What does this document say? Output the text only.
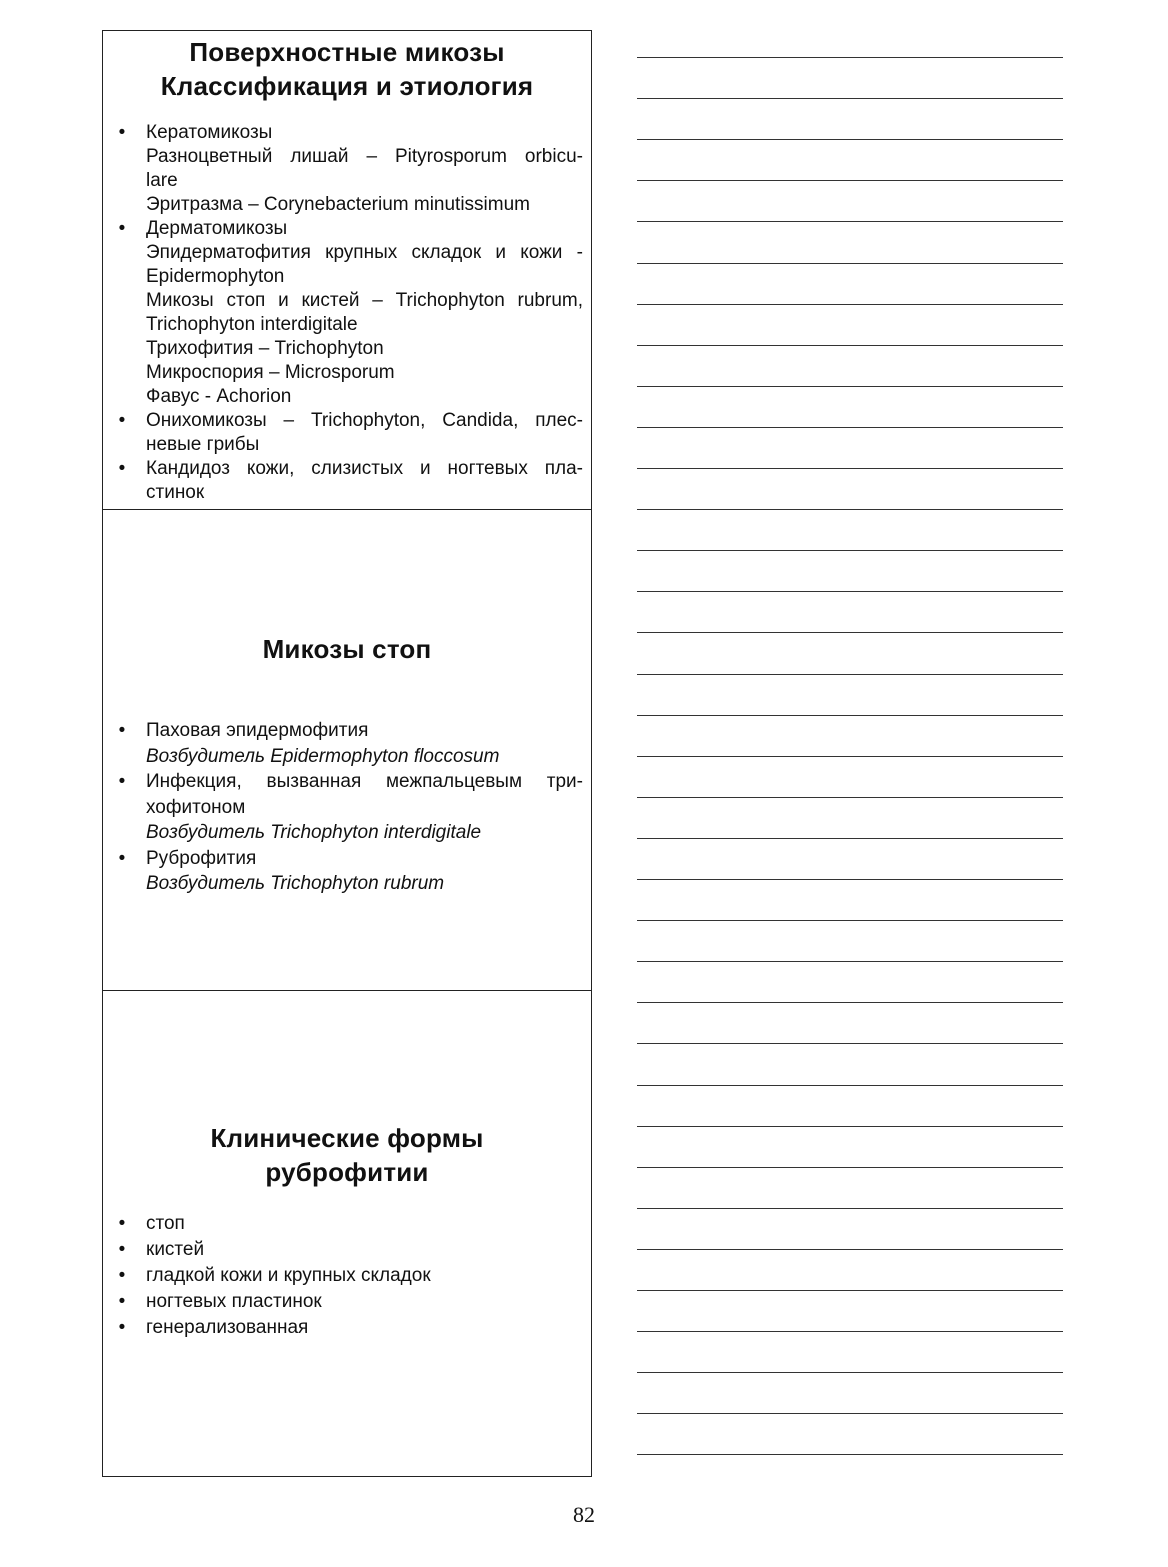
Поверхностные микозы
Классификация и этиология
• Кератомикозы
Разноцветный лишай – Pityrosporum orbicu-
lare
Эритразма – Corynebacterium minutissimum
• Дерматомикозы
Эпидерматофития крупных складок и кожи -
Epidermophyton
Микозы стоп и кистей – Trichophyton rubrum,
Trichophyton interdigitale
Трихофития – Trichophyton
Микроспория – Microsporum
Фавус - Achorion
• Онихомикозы – Trichophyton, Candida, плес-
невые грибы
• Кандидоз кожи, слизистых и ногтевых пла-
стинок
Микозы стоп
• Паховая эпидермофития
Возбудитель Epidermophyton floccosum
• Инфекция, вызванная межпальцевым три-
хофитоном
Возбудитель Trichophyton interdigitale
• Руброфития
Возбудитель Trichophyton rubrum
Клинические формы
руброфитии
• стоп
• кистей
• гладкой кожи и крупных складок
• ногтевых пластинок
• генерализованная
82
